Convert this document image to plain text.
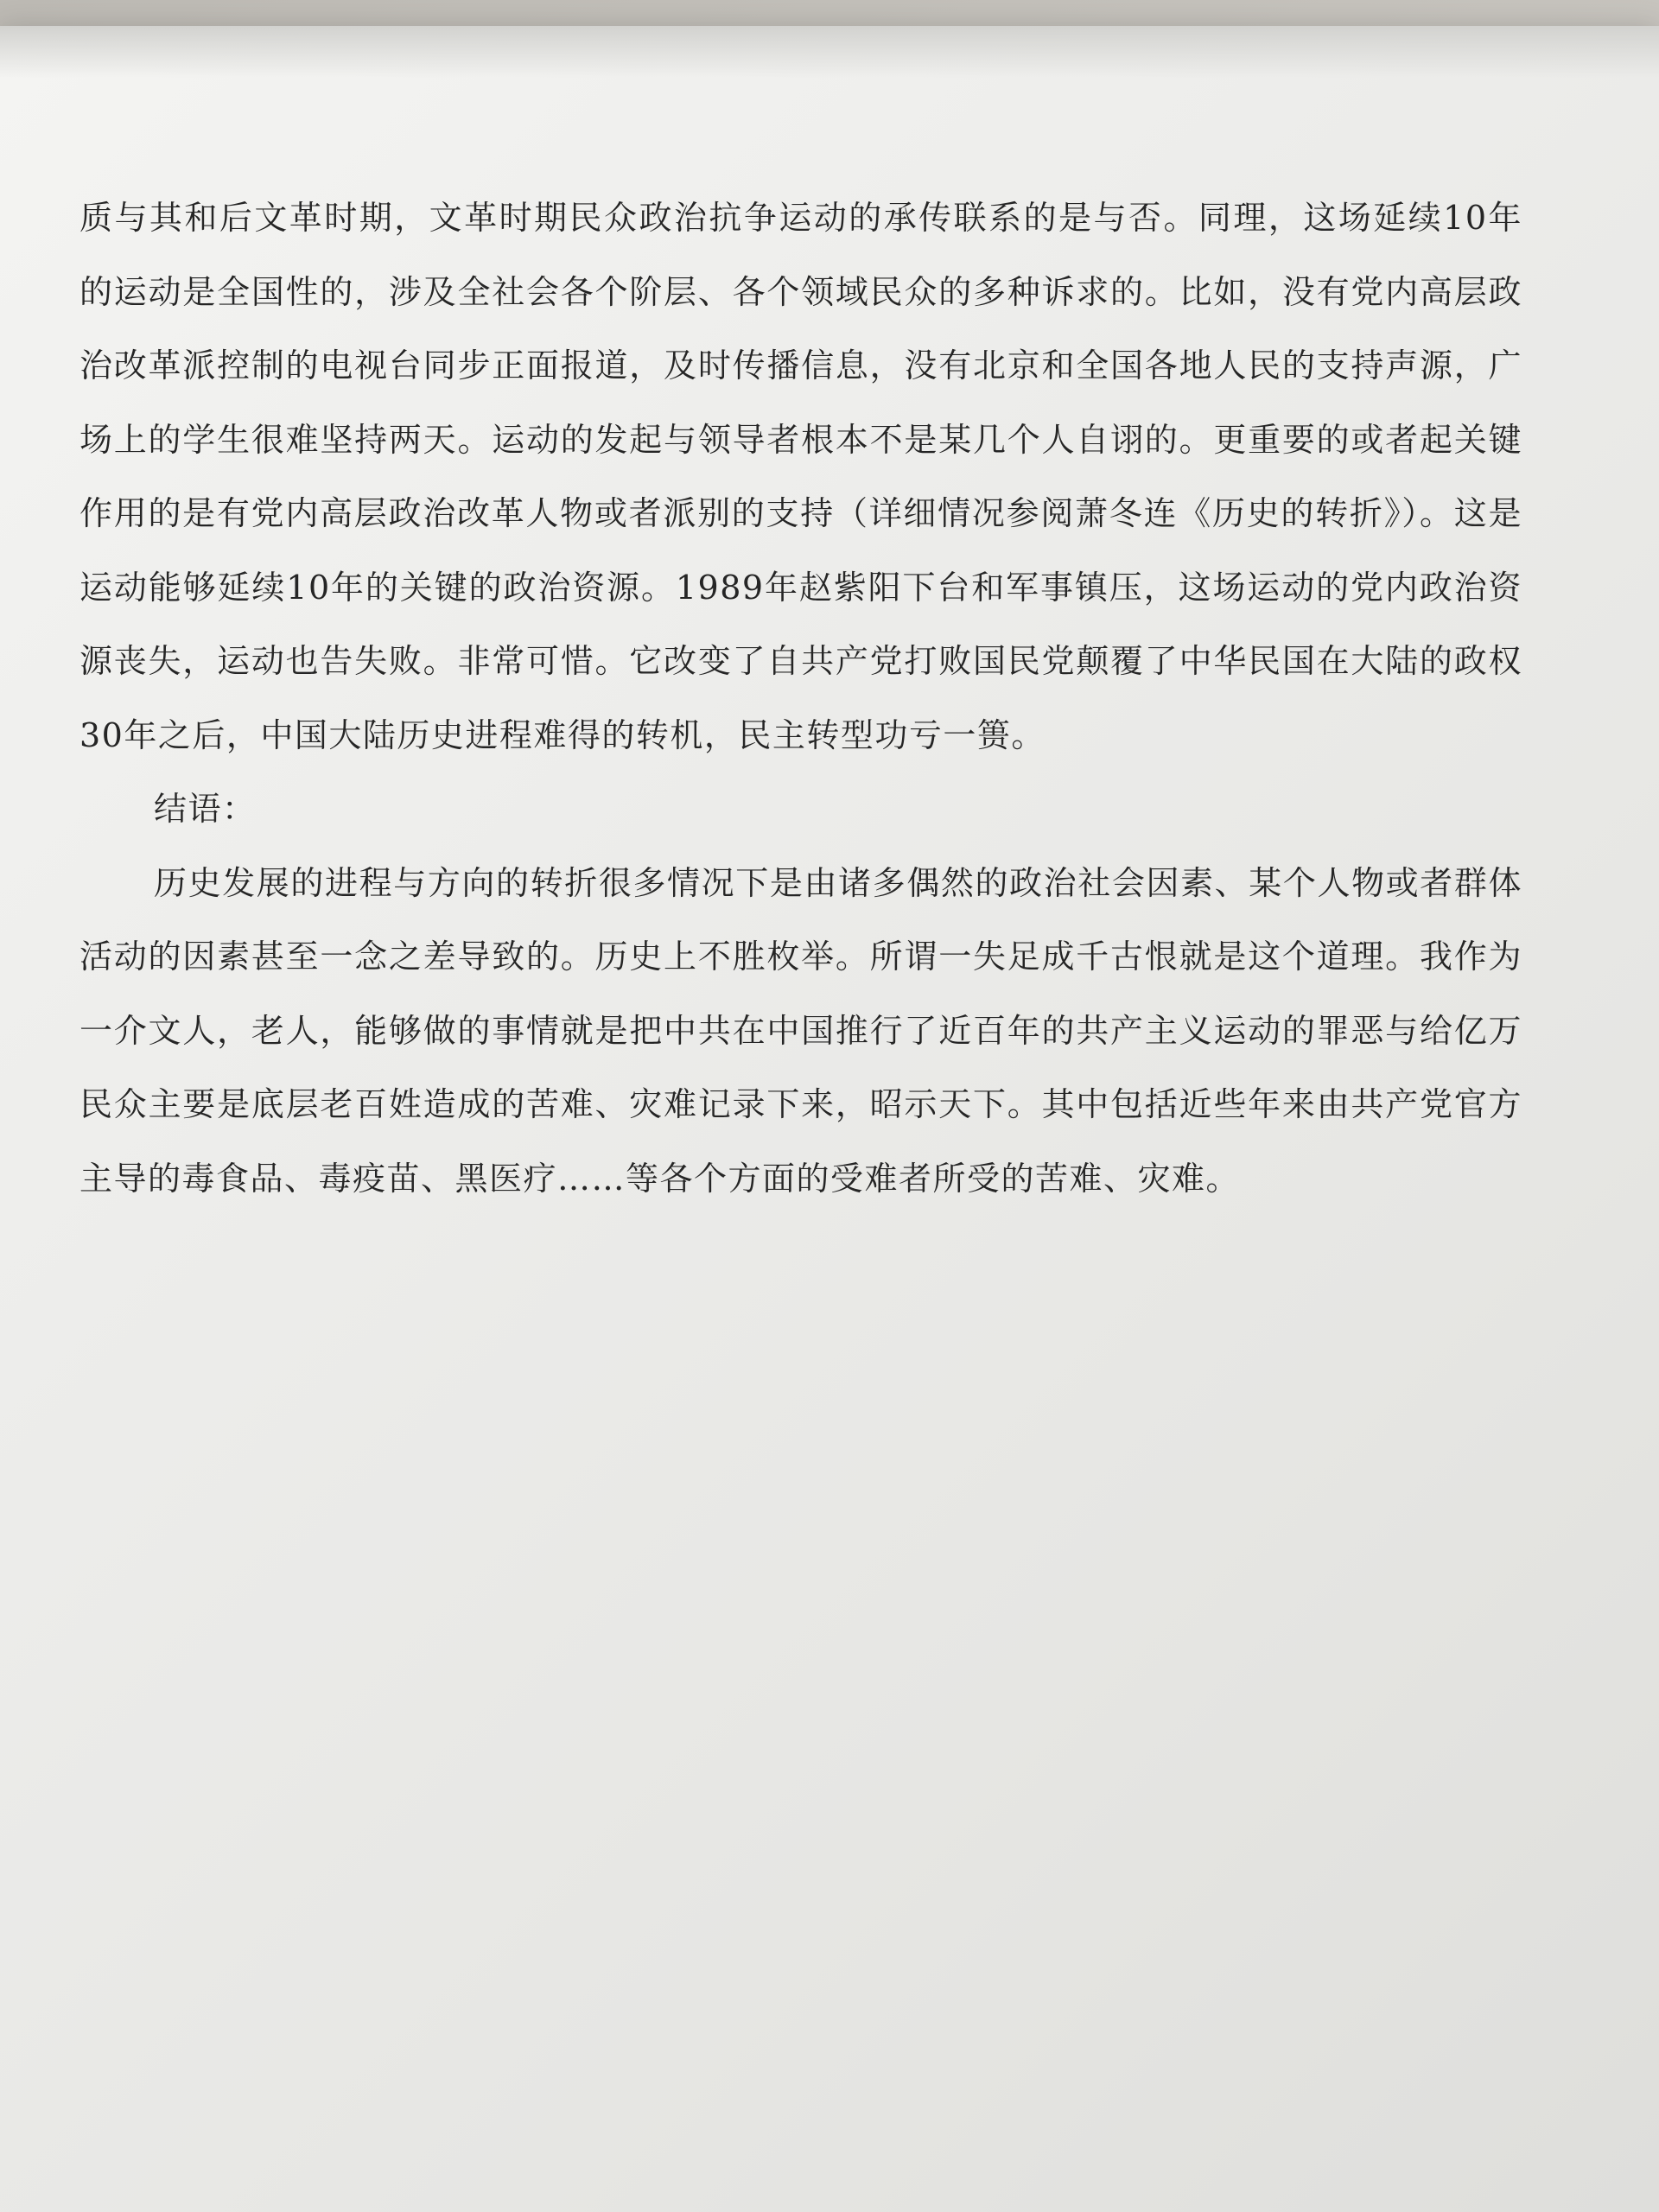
质与其和后文革时期，文革时期民众政治抗争运动的承传联系的是与否。同理，这场延续10年的运动是全国性的，涉及全社会各个阶层、各个领域民众的多种诉求的。比如，没有党内高层政治改革派控制的电视台同步正面报道，及时传播信息，没有北京和全国各地人民的支持声源，广场上的学生很难坚持两天。运动的发起与领导者根本不是某几个人自诩的。更重要的或者起关键作用的是有党内高层政治改革人物或者派别的支持（详细情况参阅萧冬连《历史的转折》）。这是运动能够延续10年的关键的政治资源。1989年赵紫阳下台和军事镇压，这场运动的党内政治资源丧失，运动也告失败。非常可惜。它改变了自共产党打败国民党颠覆了中华民国在大陆的政权30年之后，中国大陆历史进程难得的转机，民主转型功亏一篑。

结语：

历史发展的进程与方向的转折很多情况下是由诸多偶然的政治社会因素、某个人物或者群体活动的因素甚至一念之差导致的。历史上不胜枚举。所谓一失足成千古恨就是这个道理。我作为一介文人，老人，能够做的事情就是把中共在中国推行了近百年的共产主义运动的罪恶与给亿万民众主要是底层老百姓造成的苦难、灾难记录下来，昭示天下。其中包括近些年来由共产党官方主导的毒食品、毒疫苗、黑医疗……等各个方面的受难者所受的苦难、灾难。
